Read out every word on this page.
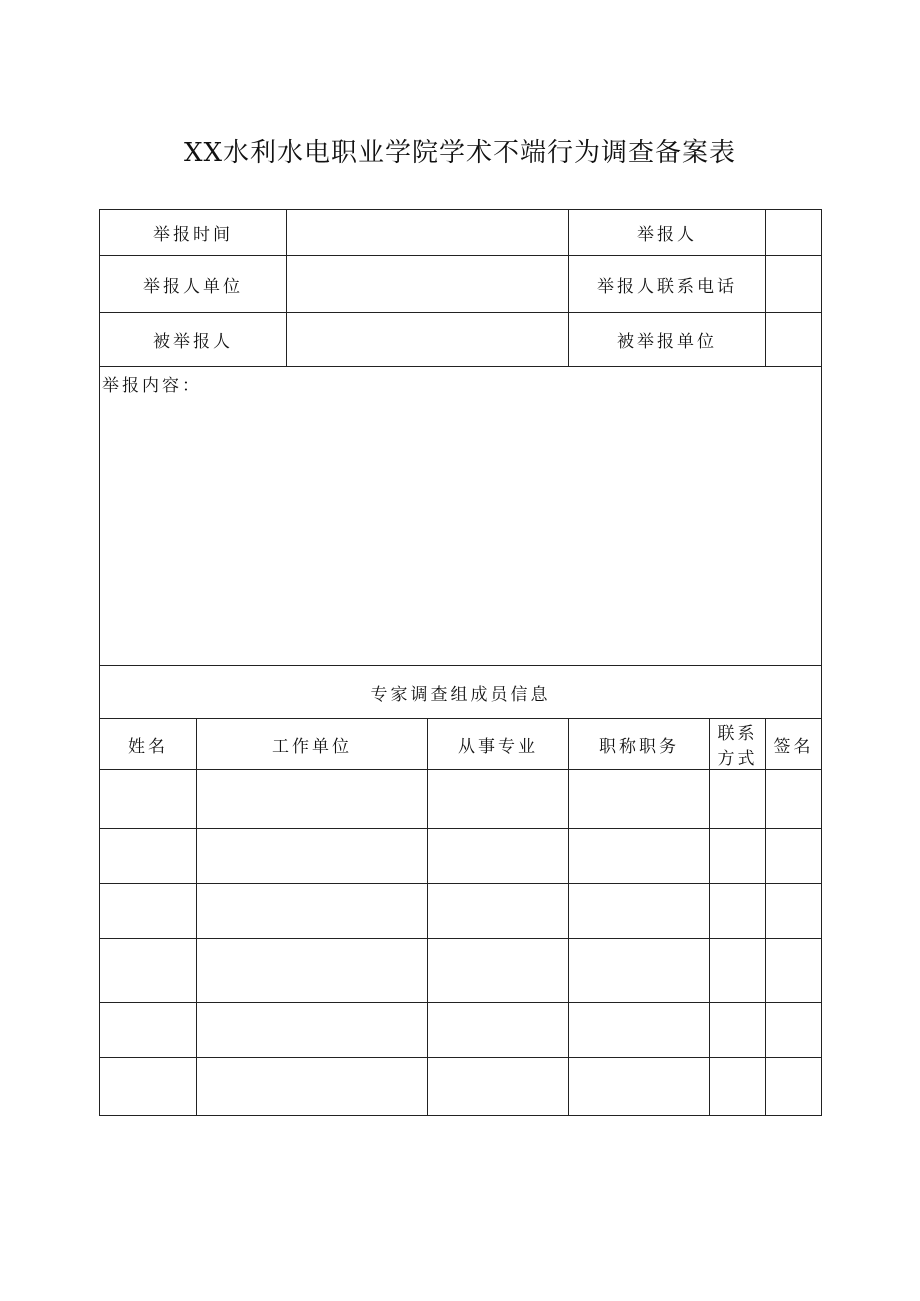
XX水利水电职业学院学术不端行为调查备案表
举报时间				举报人		
举报人单位				举报人联系电话		
被举报人				被举报单位		
举报内容：						
专家调查组成员信息						
姓名	工作单位		从事专业	职称职务	联系方式	签名
